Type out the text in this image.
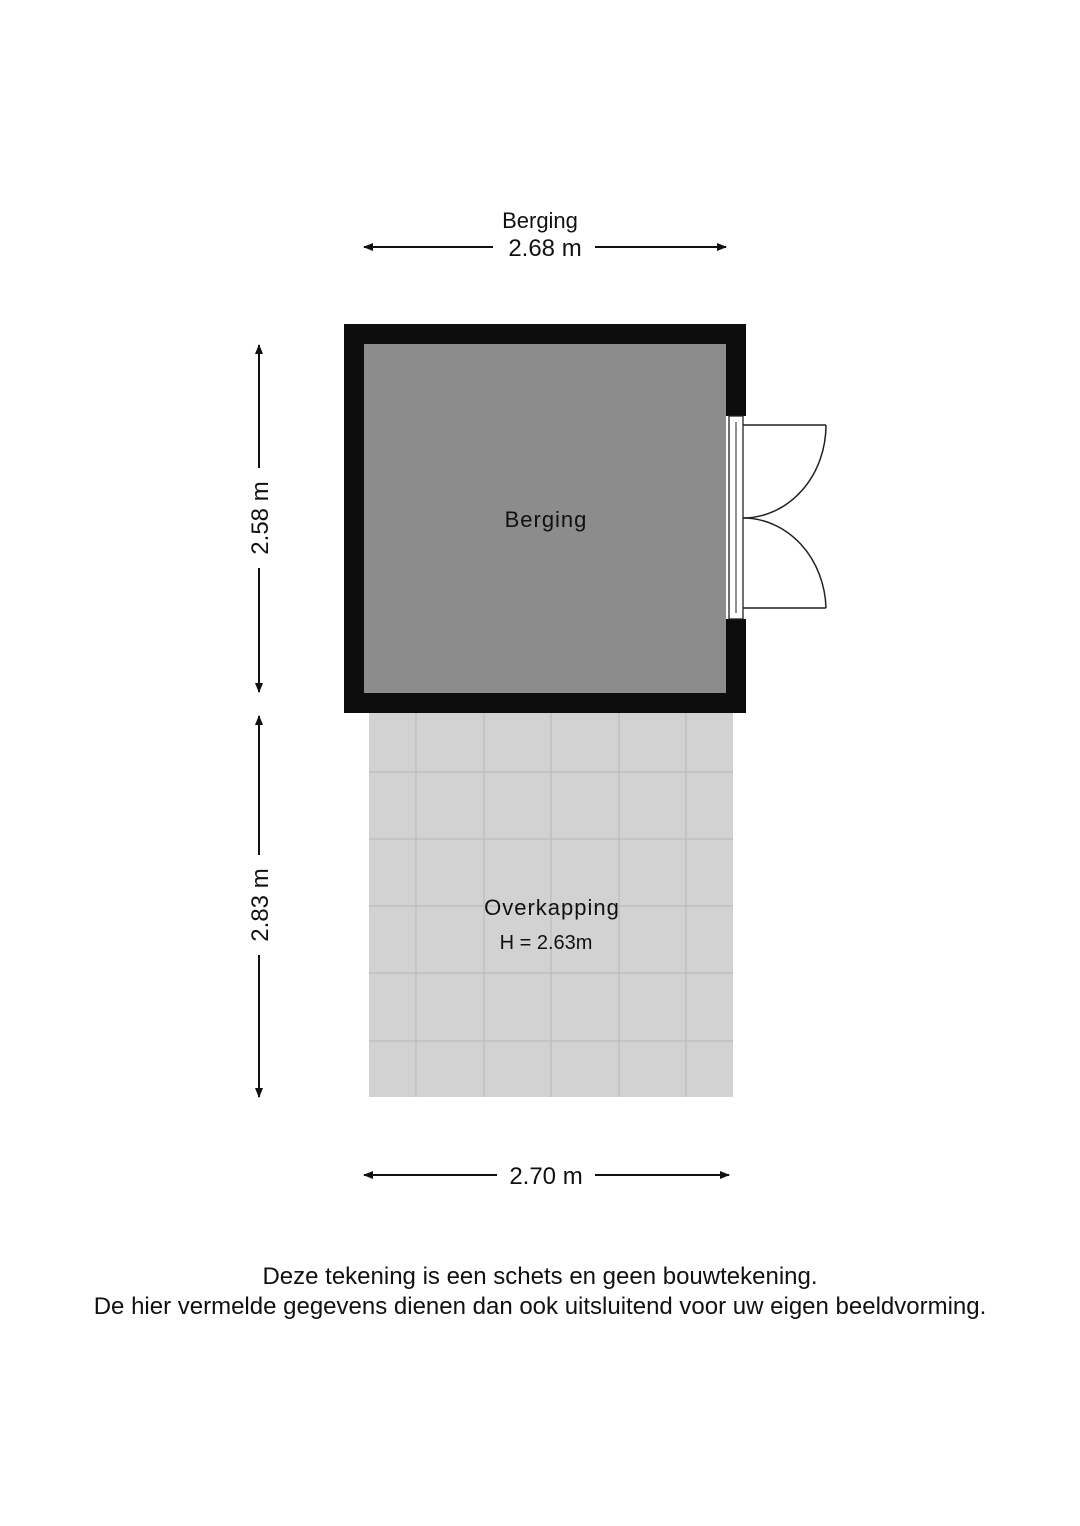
Berging
2.68 m
2.58 m
2.83 m
2.70 m
Berging
Overkapping
H = 2.63m
Deze tekening is een schets en geen bouwtekening.
De hier vermelde gegevens dienen dan ook uitsluitend voor uw eigen beeldvorming.
